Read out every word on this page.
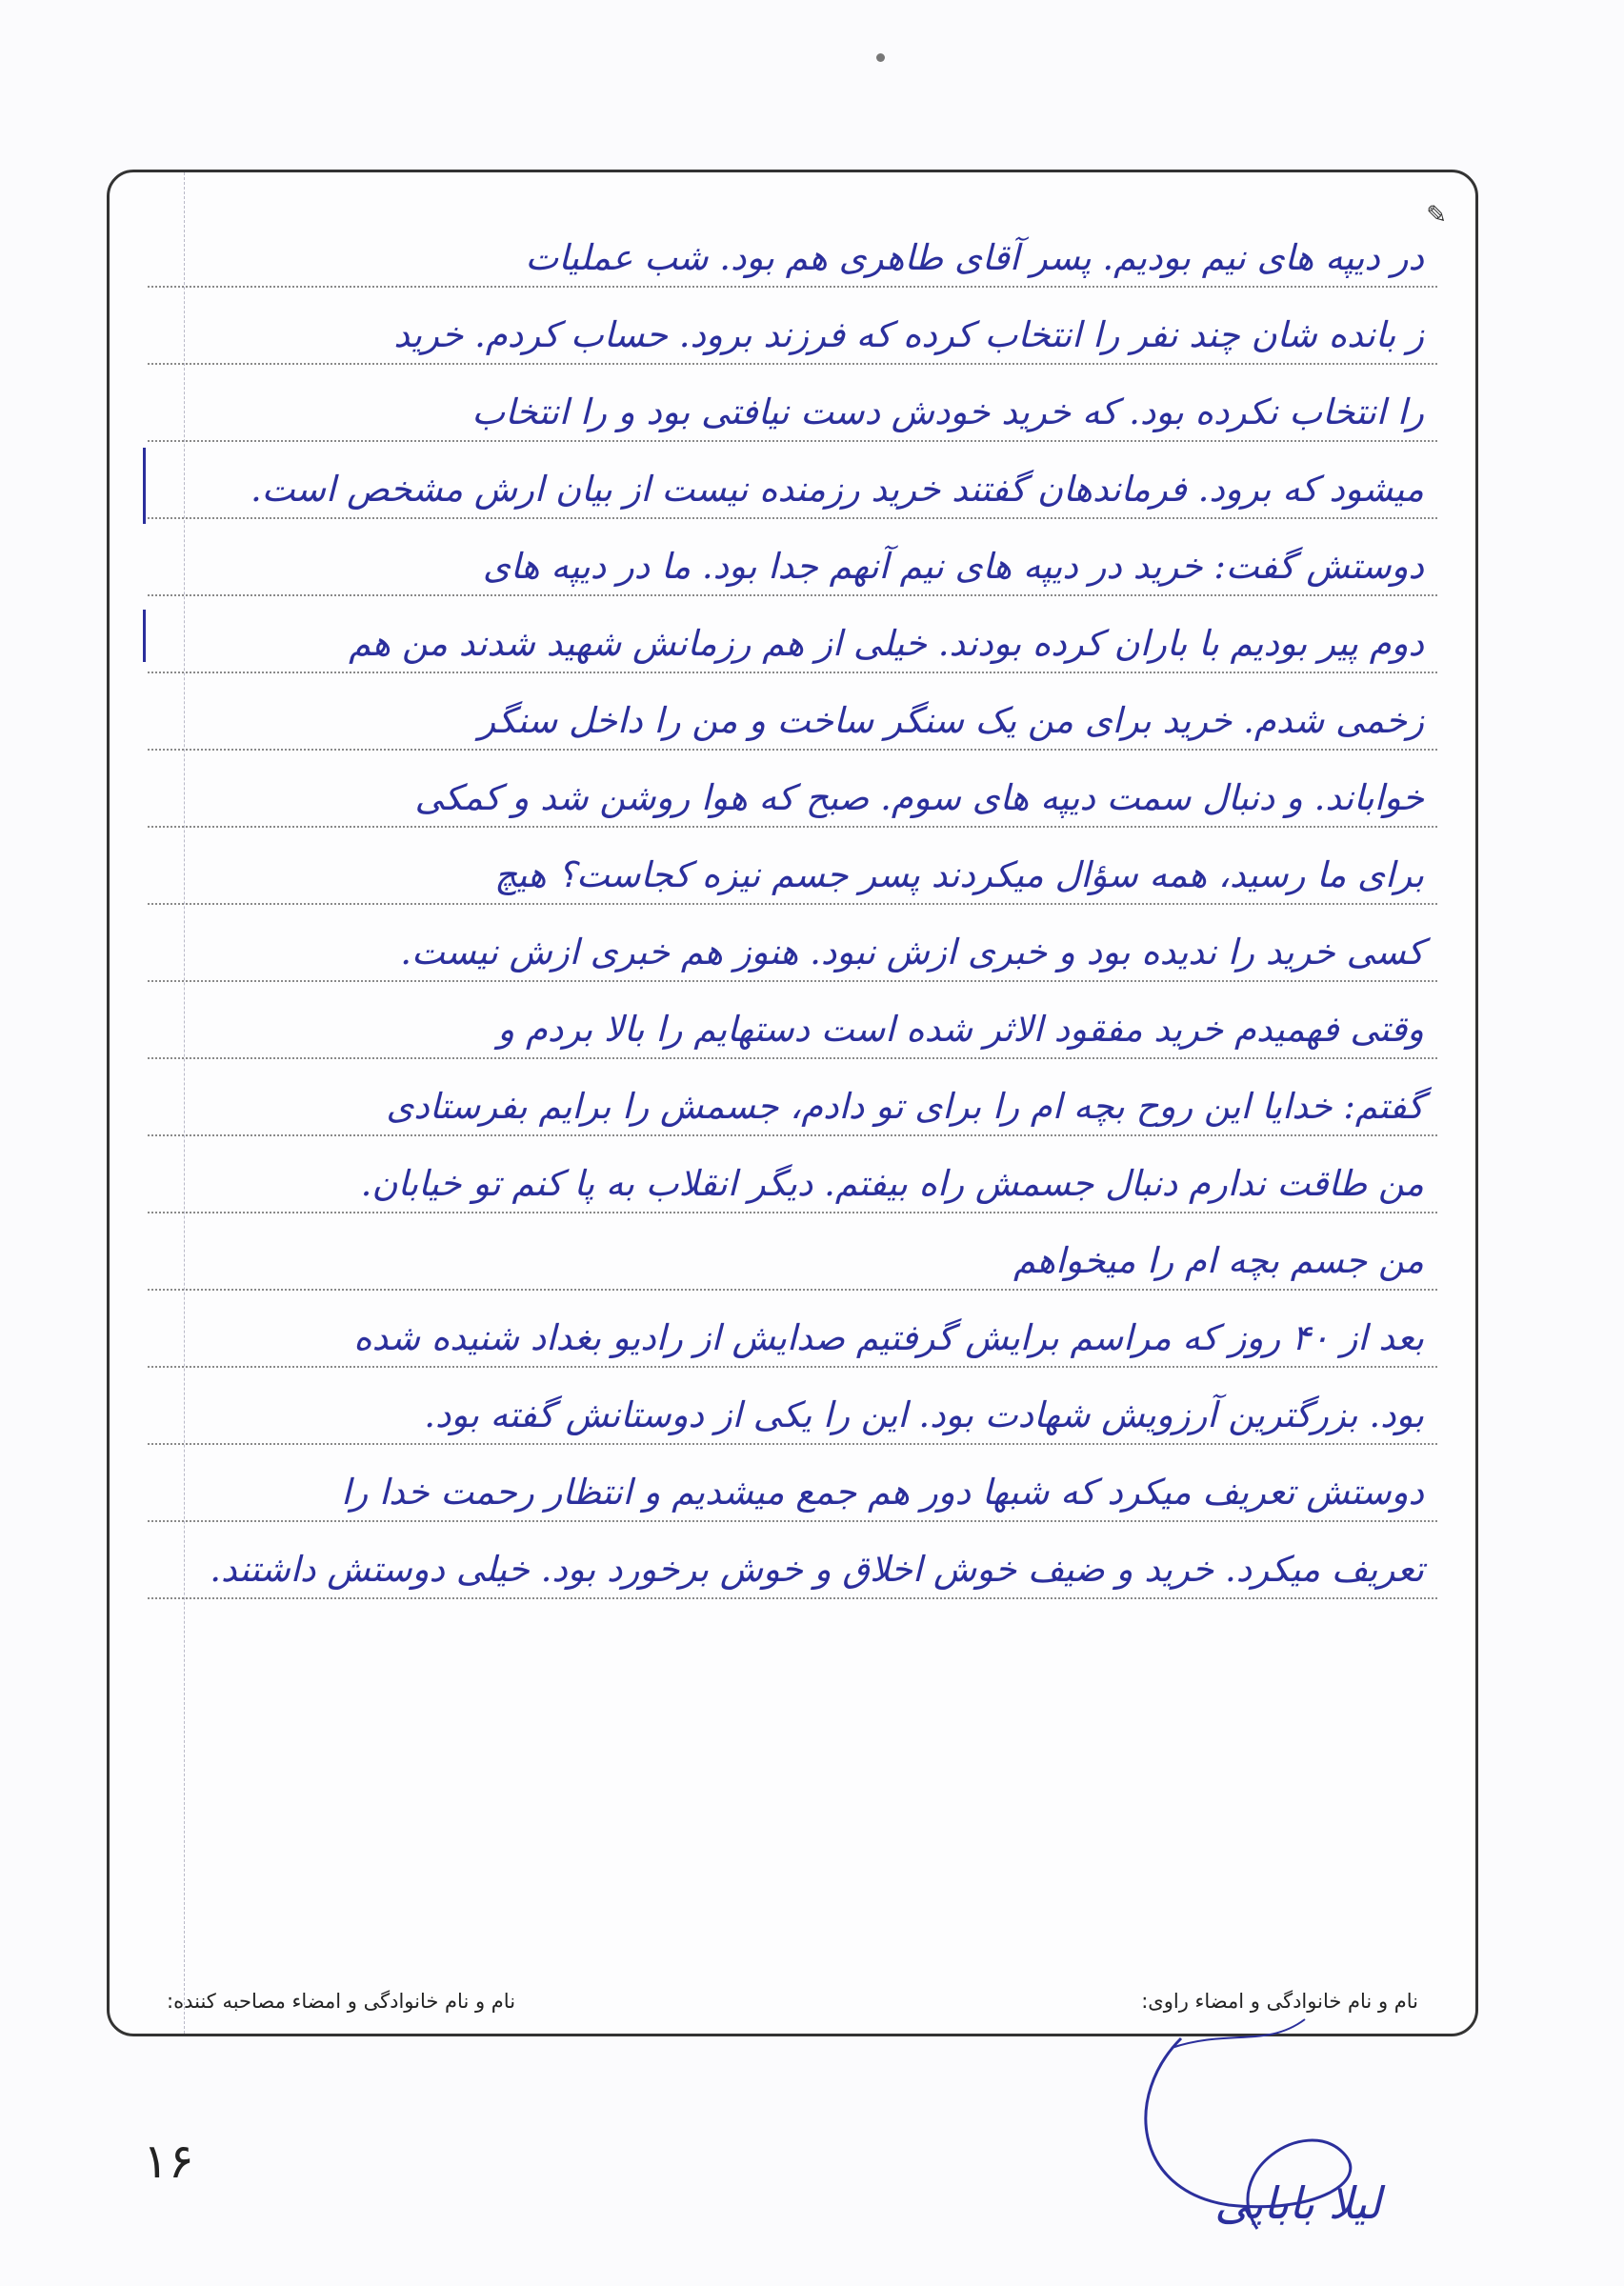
✎
در دیپه های نیم بودیم. پسر آقای طاهری هم بود. شب عملیات
ز بانده شان چند نفر را انتخاب کرده که فرزند برود. حساب کردم. خرید
را انتخاب نکرده بود. که خرید خودش دست نیافتی بود و را انتخاب
میشود که برود. فرماندهان گفتند خرید رزمنده نیست از بیان ارش مشخص است.
دوستش گفت: خرید در دیپه های نیم آنهم جدا بود. ما در دیپه های
دوم پیر بودیم با باران کرده بودند. خیلی از هم رزمانش شهید شدند من هم
زخمی شدم. خرید برای من یک سنگر ساخت و من را داخل سنگر
خواباند. و دنبال سمت دیپه های سوم. صبح که هوا روشن شد و کمکی
برای ما رسید، همه سؤال میکردند پسر جسم نیزه کجاست؟ هیچ
کسی خرید را ندیده بود و خبری ازش نبود. هنوز هم خبری ازش نیست.
وقتی فهمیدم خرید مفقود الاثر شده است دستهایم را بالا بردم و
گفتم: خدایا این روح بچه ام را برای تو دادم، جسمش را برایم بفرستادی
من طاقت ندارم دنبال جسمش راه بیفتم. دیگر انقلاب به پا کنم تو خیابان.
من جسم بچه ام را میخواهم
بعد از ۴۰ روز که مراسم برایش گرفتیم صدایش از رادیو بغداد شنیده شده
بود. بزرگترین آرزویش شهادت بود. این را یکی از دوستانش گفته بود.
دوستش تعریف میکرد که شبها دور هم جمع میشدیم و انتظار رحمت خدا را
تعریف میکرد. خرید و ضیف خوش اخلاق و خوش برخورد بود. خیلی دوستش داشتند.
نام و نام خانوادگی و امضاء مصاحبه کننده:	نام و نام خانوادگی و امضاء راوی:
لیلا بابایی
۱۶
